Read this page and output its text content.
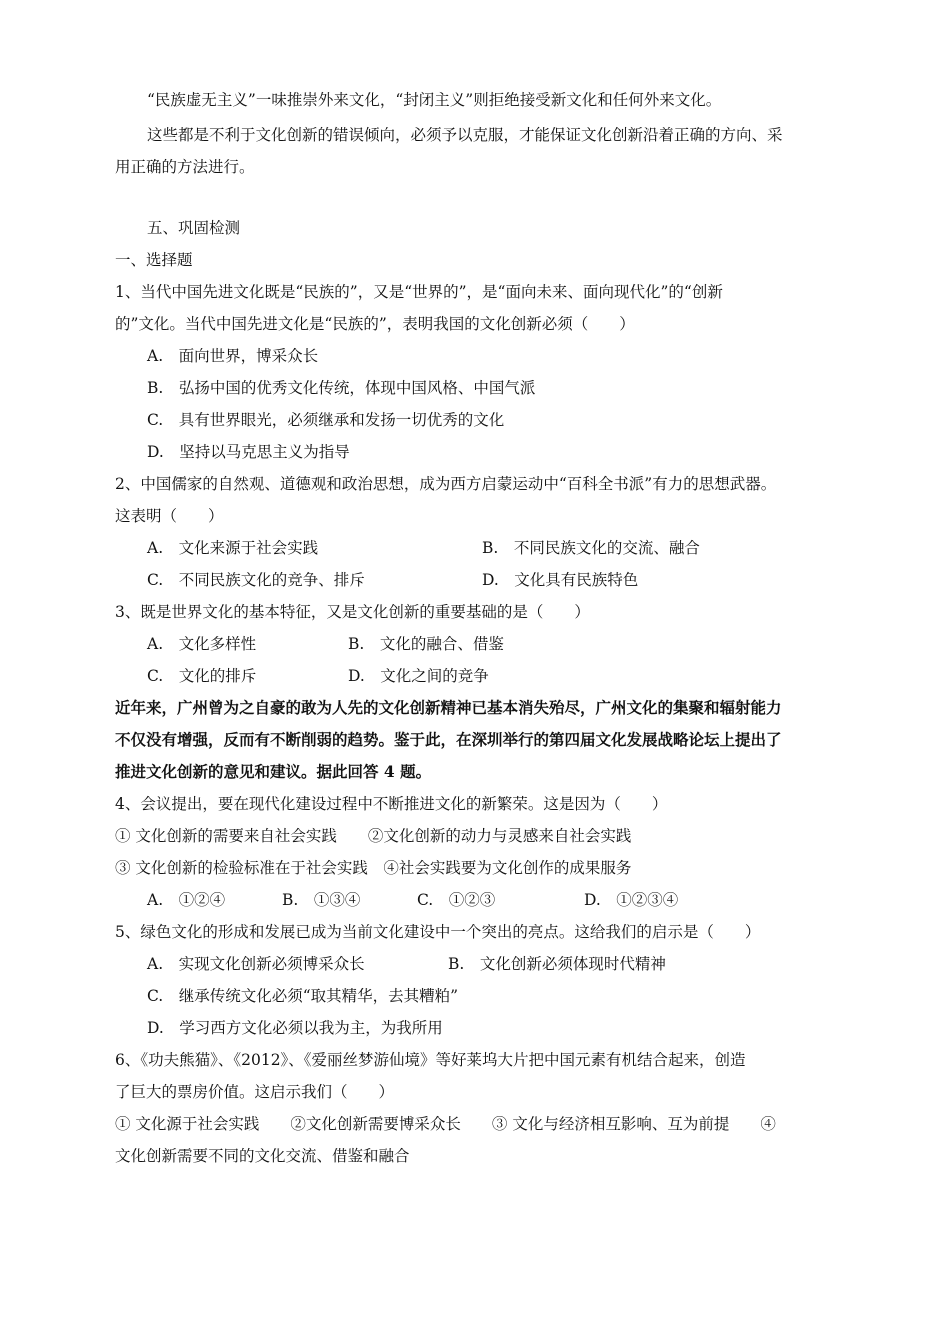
“民族虚无主义”一味推崇外来文化，“封闭主义”则拒绝接受新文化和任何外来文化。
这些都是不利于文化创新的错误倾向，必须予以克服，才能保证文化创新沿着正确的方向、采
用正确的方法进行。
五、巩固检测
一、选择题
1、当代中国先进文化既是“民族的”，又是“世界的”，是“面向未来、面向现代化”的“创新
的”文化。当代中国先进文化是“民族的”，表明我国的文化创新必须（　　）
A.　面向世界，博采众长
B.　弘扬中国的优秀文化传统，体现中国风格、中国气派
C.　具有世界眼光，必须继承和发扬一切优秀的文化
D.　坚持以马克思主义为指导
2、中国儒家的自然观、道德观和政治思想，成为西方启蒙运动中“百科全书派”有力的思想武器。
这表明（　　）
A.　文化来源于社会实践	B.　不同民族文化的交流、融合
C.　不同民族文化的竞争、排斥	D.　文化具有民族特色
3、既是世界文化的基本特征，又是文化创新的重要基础的是（　　）
A.　文化多样性	B.　文化的融合、借鉴
C.　文化的排斥	D.　文化之间的竞争
近年来，广州曾为之自豪的敢为人先的文化创新精神已基本消失殆尽，广州文化的集聚和辐射能力
不仅没有增强，反而有不断削弱的趋势。鉴于此，在深圳举行的第四届文化发展战略论坛上提出了
推进文化创新的意见和建议。据此回答 4 题。
4、会议提出，要在现代化建设过程中不断推进文化的新繁荣。这是因为（　　）
① 文化创新的需要来自社会实践　　②文化创新的动力与灵感来自社会实践
③ 文化创新的检验标准在于社会实践　④社会实践要为文化创作的成果服务
A.　①②④	B.　①③④	C.　①②③	D.　①②③④
5、绿色文化的形成和发展已成为当前文化建设中一个突出的亮点。这给我们的启示是（　　）
A.　实现文化创新必须博采众长	B.　文化创新必须体现时代精神
C.　继承传统文化必须“取其精华，去其糟粕”
D.　学习西方文化必须以我为主，为我所用
6、《功夫熊猫》、《2012》、《爱丽丝梦游仙境》等好莱坞大片把中国元素有机结合起来，创造
了巨大的票房价值。这启示我们（　　）
① 文化源于社会实践　　②文化创新需要博采众长　　③ 文化与经济相互影响、互为前提　　④
文化创新需要不同的文化交流、借鉴和融合
